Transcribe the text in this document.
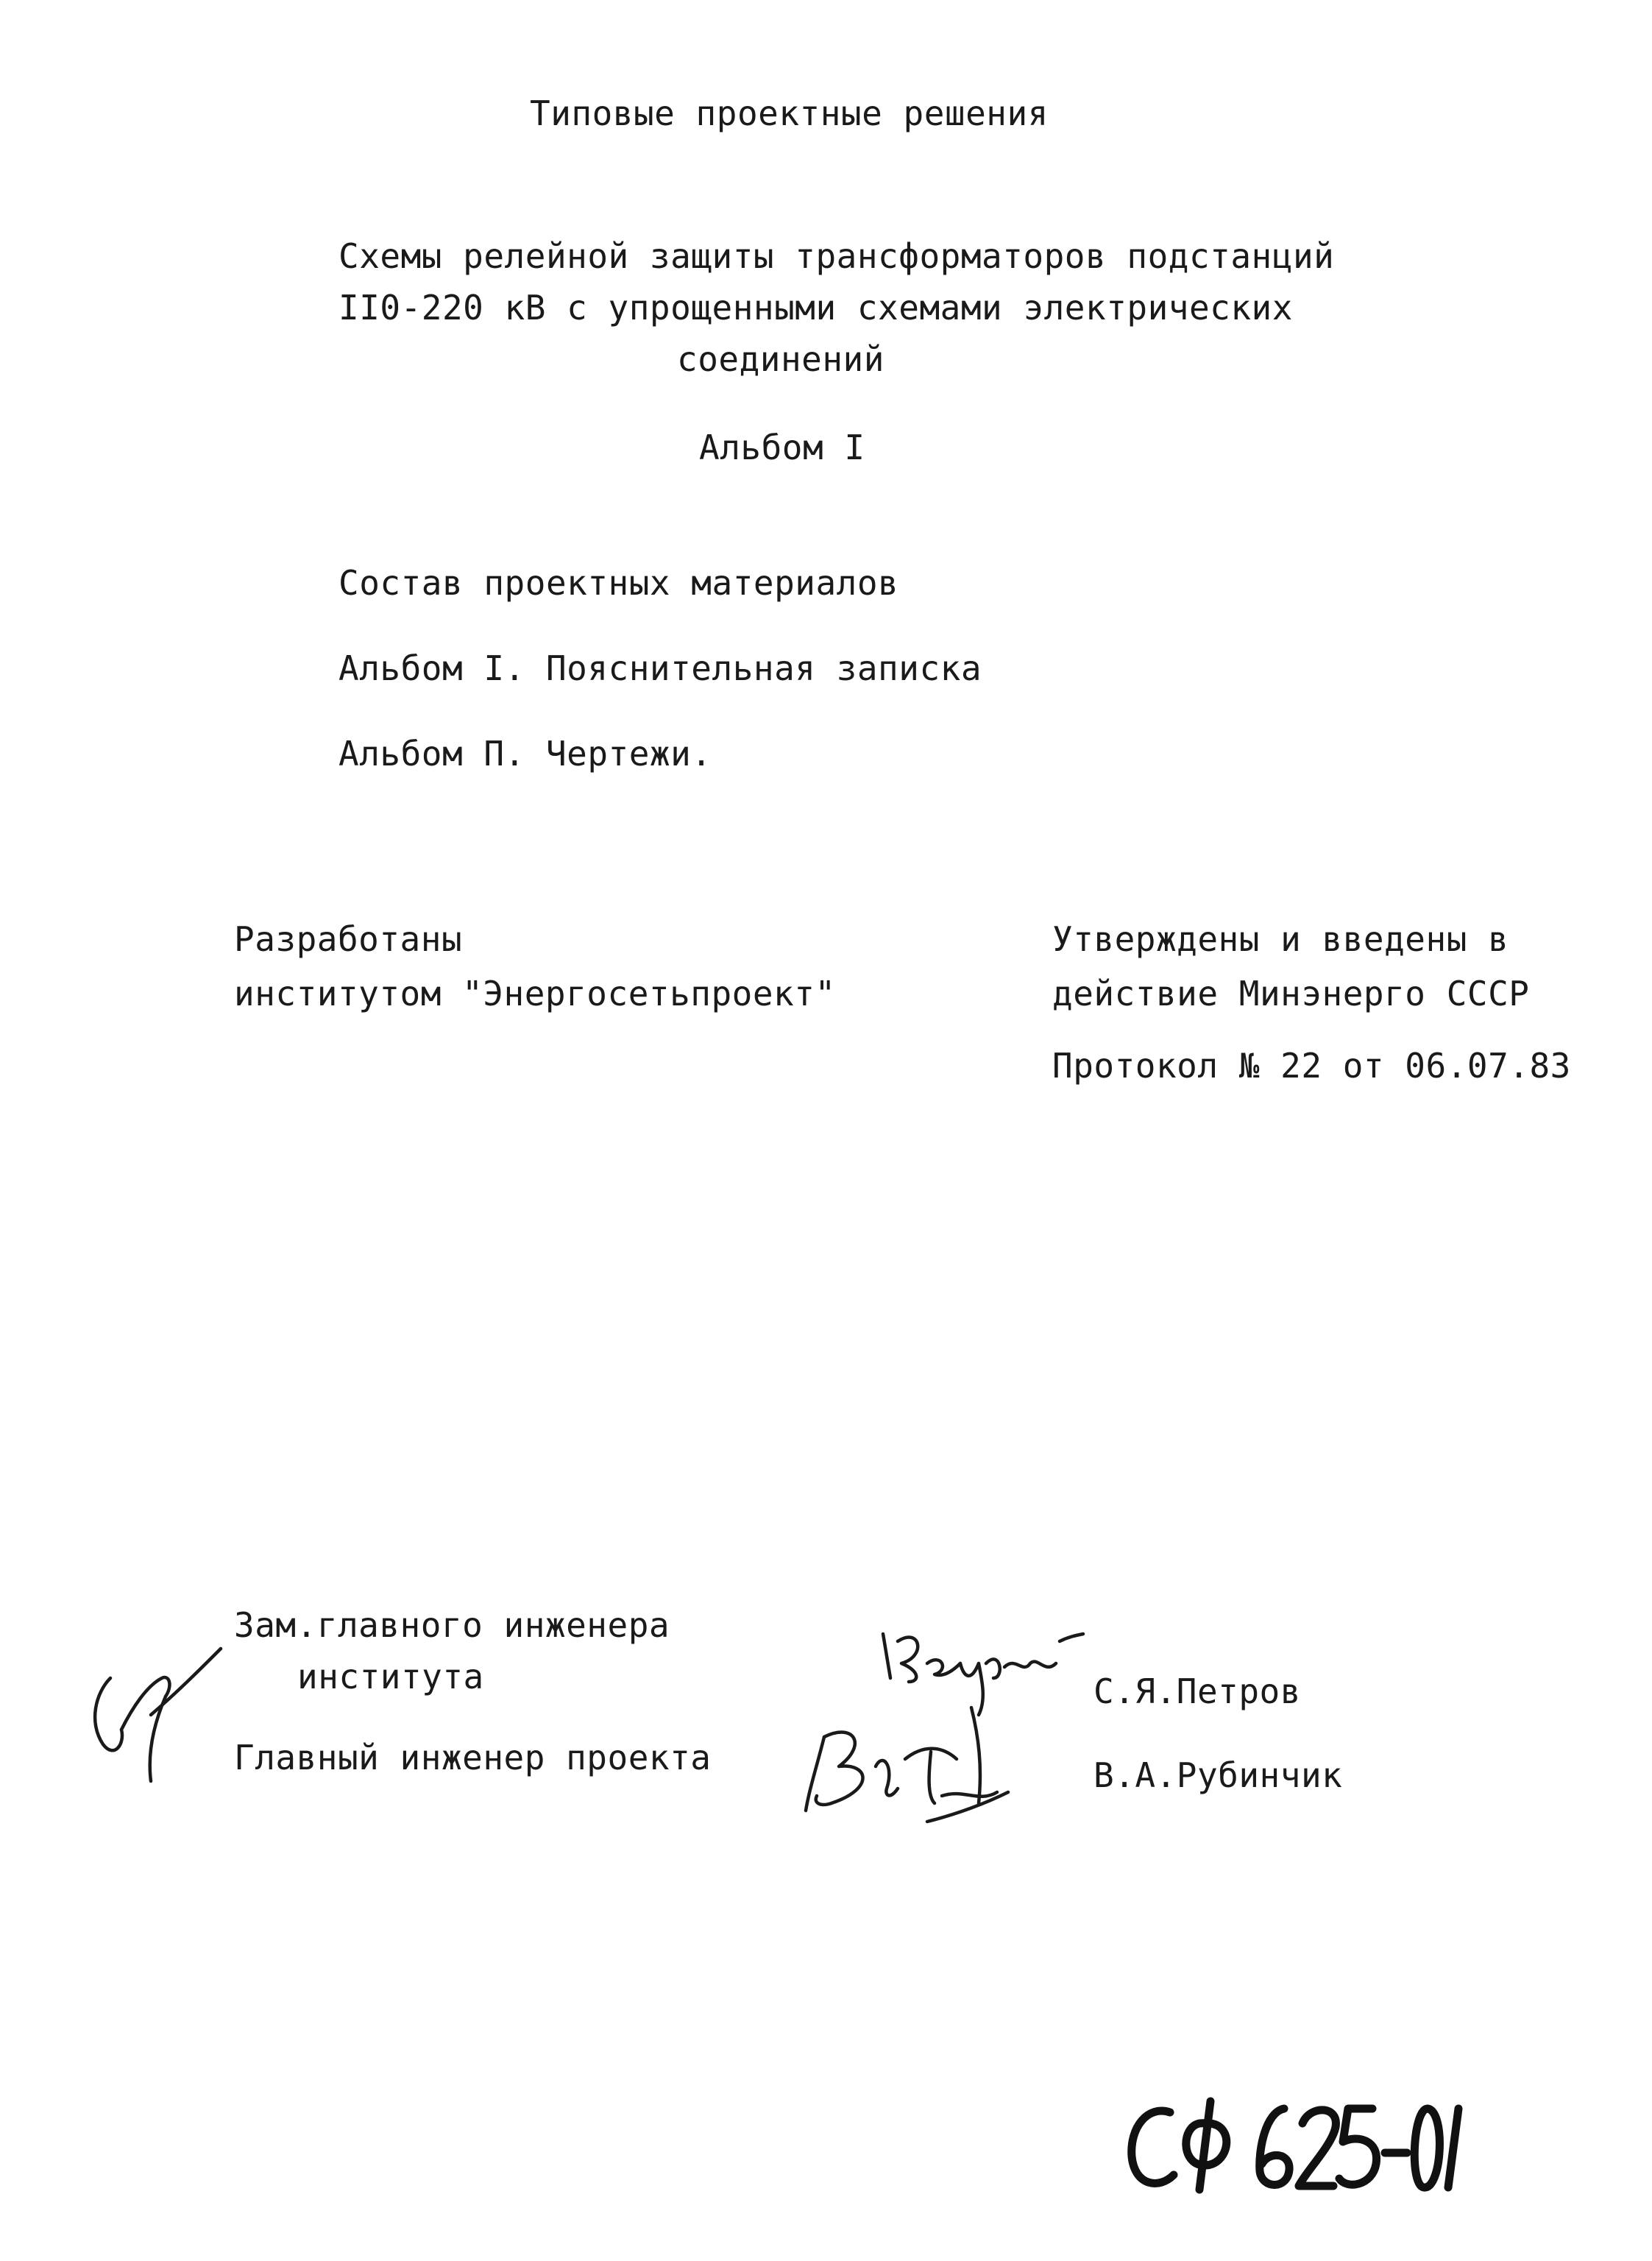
Типовые проектные решения
Схемы релейной защиты трансформаторов подстанций
II0-220 кВ с упрощенными схемами электрических
соединений
Альбом I
Состав проектных материалов
Альбом I. Пояснительная записка
Альбом П. Чертежи.
Разработаны
институтом "Энергосетьпроект"
Утверждены и введены в
действие Минэнерго СССР
Протокол № 22 от 06.07.83
Зам.главного инженера
института	С.Я.Петров
Главный инженер проекта	В.А.Рубинчик
